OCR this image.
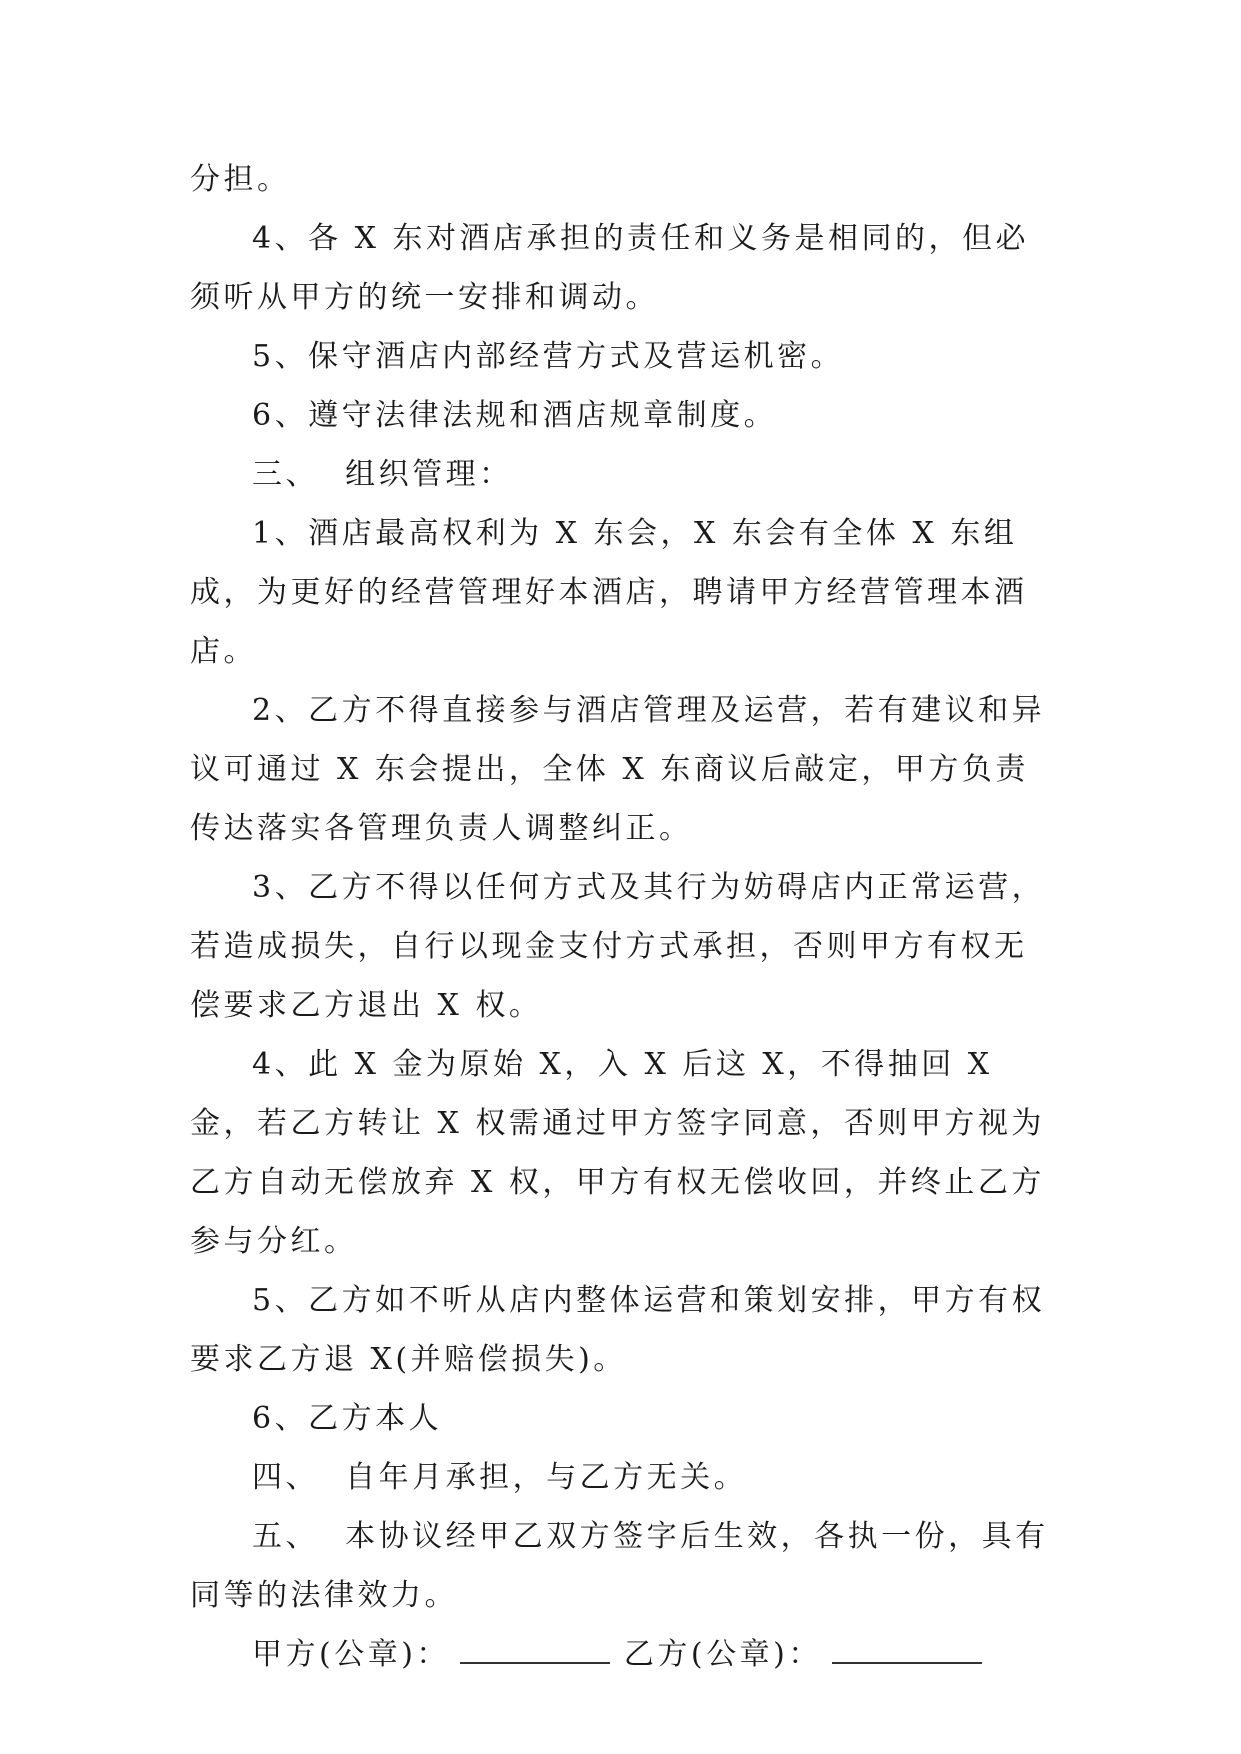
分担。

4、各 X 东对酒店承担的责任和义务是相同的，但必须听从甲方的统一安排和调动。

5、保守酒店内部经营方式及营运机密。

6、遵守法律法规和酒店规章制度。

三、  组织管理：

1、酒店最高权利为 X 东会，X 东会有全体 X 东组成，为更好的经营管理好本酒店，聘请甲方经营管理本酒店。

2、乙方不得直接参与酒店管理及运营，若有建议和异议可通过 X 东会提出，全体 X 东商议后敲定，甲方负责传达落实各管理负责人调整纠正。

3、乙方不得以任何方式及其行为妨碍店内正常运营，若造成损失，自行以现金支付方式承担，否则甲方有权无偿要求乙方退出 X 权。

4、此 X 金为原始 X，入 X 后这 X，不得抽回 X 金，若乙方转让 X 权需通过甲方签字同意，否则甲方视为乙方自动无偿放弃 X 权，甲方有权无偿收回，并终止乙方参与分红。

5、乙方如不听从店内整体运营和策划安排，甲方有权要求乙方退 X(并赔偿损失)。

6、乙方本人

四、  自年月承担，与乙方无关。

五、  本协议经甲乙双方签字后生效，各执一份，具有同等的法律效力。

甲方(公章)：	乙方(公章)：
